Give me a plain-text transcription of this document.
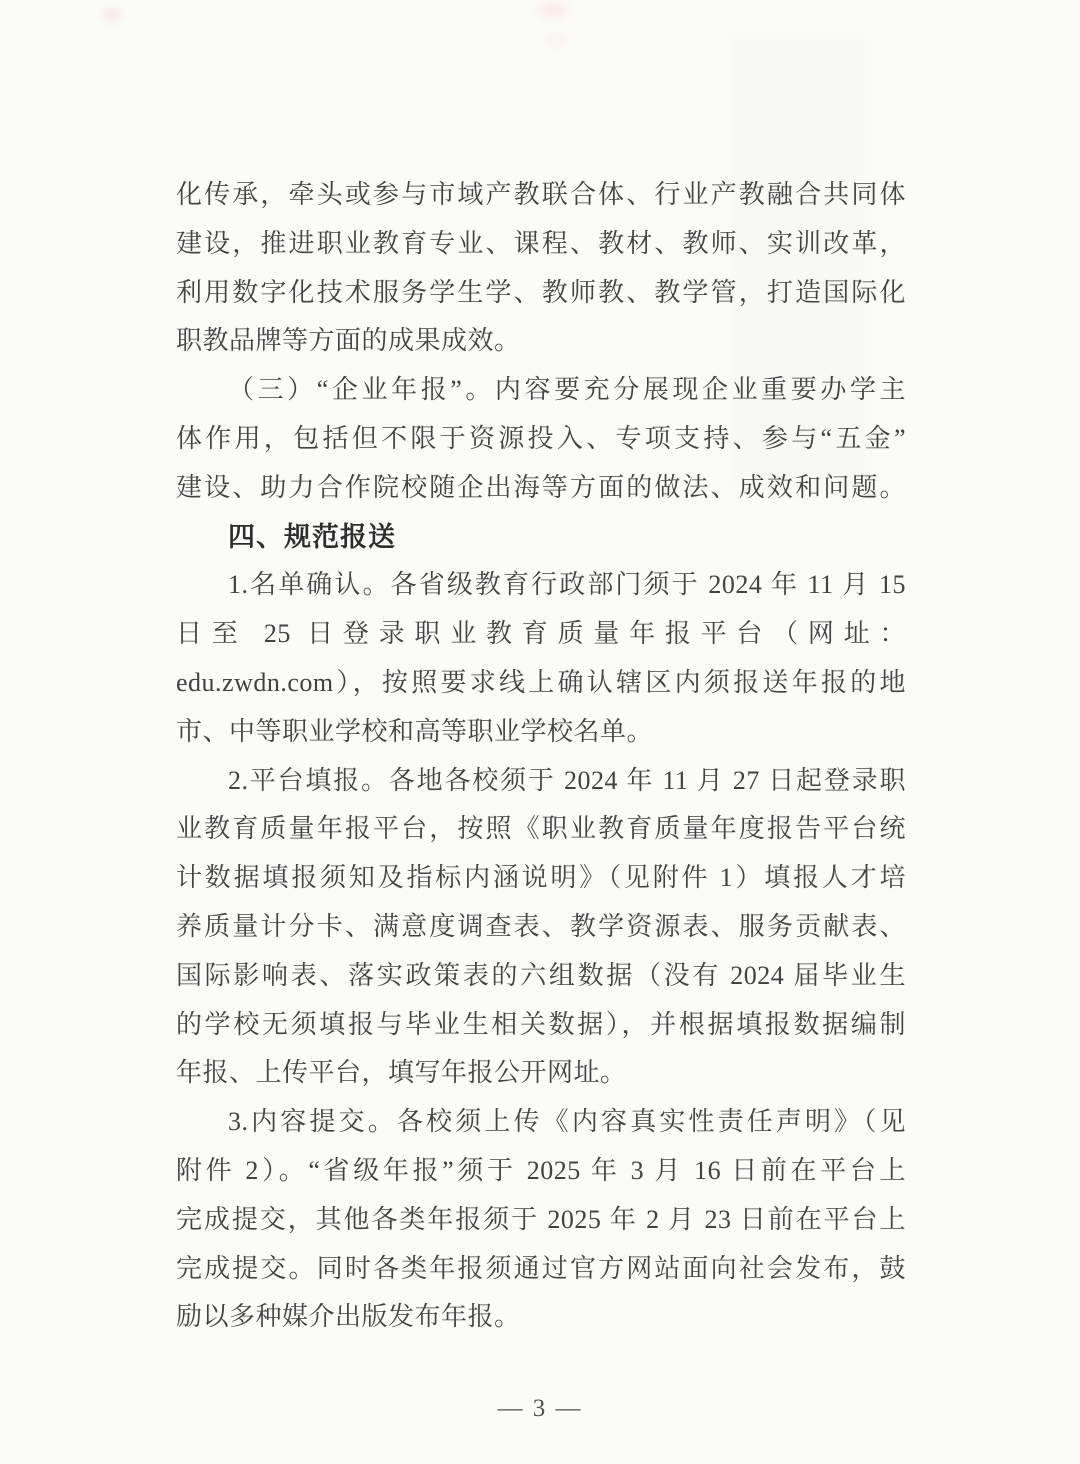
化传承，牵头或参与市域产教联合体、行业产教融合共同体
建设，推进职业教育专业、课程、教材、教师、实训改革，
利用数字化技术服务学生学、教师教、教学管，打造国际化
职教品牌等方面的成果成效。
（三）“企业年报”。内容要充分展现企业重要办学主
体作用，包括但不限于资源投入、专项支持、参与“五金”
建设、助力合作院校随企出海等方面的做法、成效和问题。
四、规范报送
1.名单确认。各省级教育行政部门须于 2024 年 11 月 15
日至 25 日登录职业教育质量年报平台（网址：
edu.zwdn.com），按照要求线上确认辖区内须报送年报的地
市、中等职业学校和高等职业学校名单。
2.平台填报。各地各校须于 2024 年 11 月 27 日起登录职
业教育质量年报平台，按照《职业教育质量年度报告平台统
计数据填报须知及指标内涵说明》（见附件 1）填报人才培
养质量计分卡、满意度调查表、教学资源表、服务贡献表、
国际影响表、落实政策表的六组数据（没有 2024 届毕业生
的学校无须填报与毕业生相关数据），并根据填报数据编制
年报、上传平台，填写年报公开网址。
3.内容提交。各校须上传《内容真实性责任声明》（见
附件 2）。“省级年报”须于 2025 年 3 月 16 日前在平台上
完成提交，其他各类年报须于 2025 年 2 月 23 日前在平台上
完成提交。同时各类年报须通过官方网站面向社会发布，鼓
励以多种媒介出版发布年报。
— 3 —
